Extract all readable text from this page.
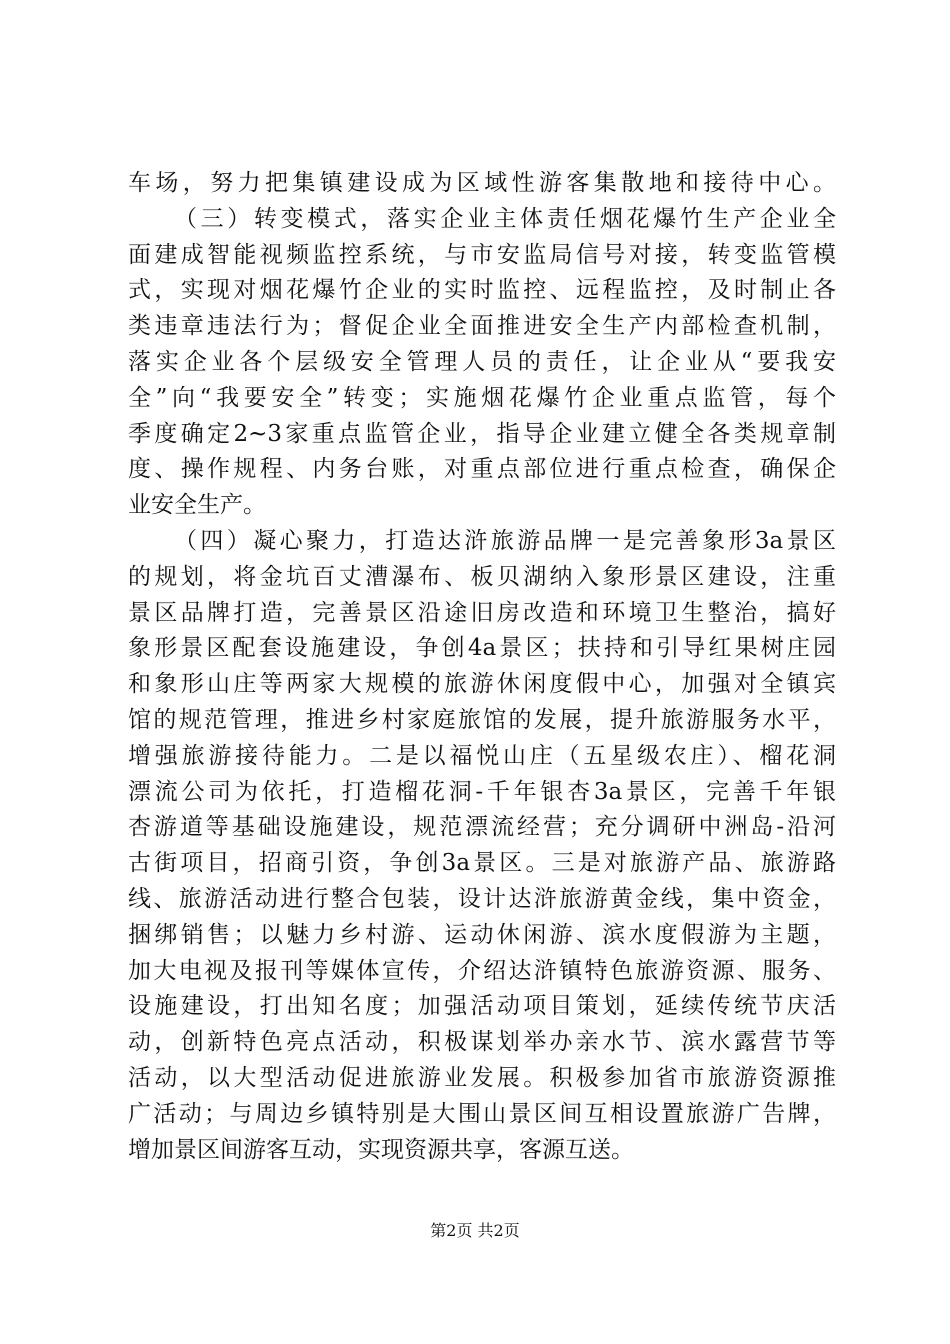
车场，努力把集镇建设成为区域性游客集散地和接待中心。
（三）转变模式，落实企业主体责任烟花爆竹生产企业全
面建成智能视频监控系统，与市安监局信号对接，转变监管模
式，实现对烟花爆竹企业的实时监控、远程监控，及时制止各
类违章违法行为；督促企业全面推进安全生产内部检查机制，
落实企业各个层级安全管理人员的责任，让企业从“要我安
全”向“我要安全”转变；实施烟花爆竹企业重点监管，每个
季度确定2~3家重点监管企业，指导企业建立健全各类规章制
度、操作规程、内务台账，对重点部位进行重点检查，确保企
业安全生产。
（四）凝心聚力，打造达浒旅游品牌一是完善象形3a景区
的规划，将金坑百丈漕瀑布、板贝湖纳入象形景区建设，注重
景区品牌打造，完善景区沿途旧房改造和环境卫生整治，搞好
象形景区配套设施建设，争创4a景区；扶持和引导红果树庄园
和象形山庄等两家大规模的旅游休闲度假中心，加强对全镇宾
馆的规范管理，推进乡村家庭旅馆的发展，提升旅游服务水平，
增强旅游接待能力。二是以福悦山庄（五星级农庄）、榴花洞
漂流公司为依托，打造榴花洞-千年银杏3a景区，完善千年银
杏游道等基础设施建设，规范漂流经营；充分调研中洲岛-沿河
古街项目，招商引资，争创3a景区。三是对旅游产品、旅游路
线、旅游活动进行整合包装，设计达浒旅游黄金线，集中资金，
捆绑销售；以魅力乡村游、运动休闲游、滨水度假游为主题，
加大电视及报刊等媒体宣传，介绍达浒镇特色旅游资源、服务、
设施建设，打出知名度；加强活动项目策划，延续传统节庆活
动，创新特色亮点活动，积极谋划举办亲水节、滨水露营节等
活动，以大型活动促进旅游业发展。积极参加省市旅游资源推
广活动；与周边乡镇特别是大围山景区间互相设置旅游广告牌，
增加景区间游客互动，实现资源共享，客源互送。
第2页 共2页
